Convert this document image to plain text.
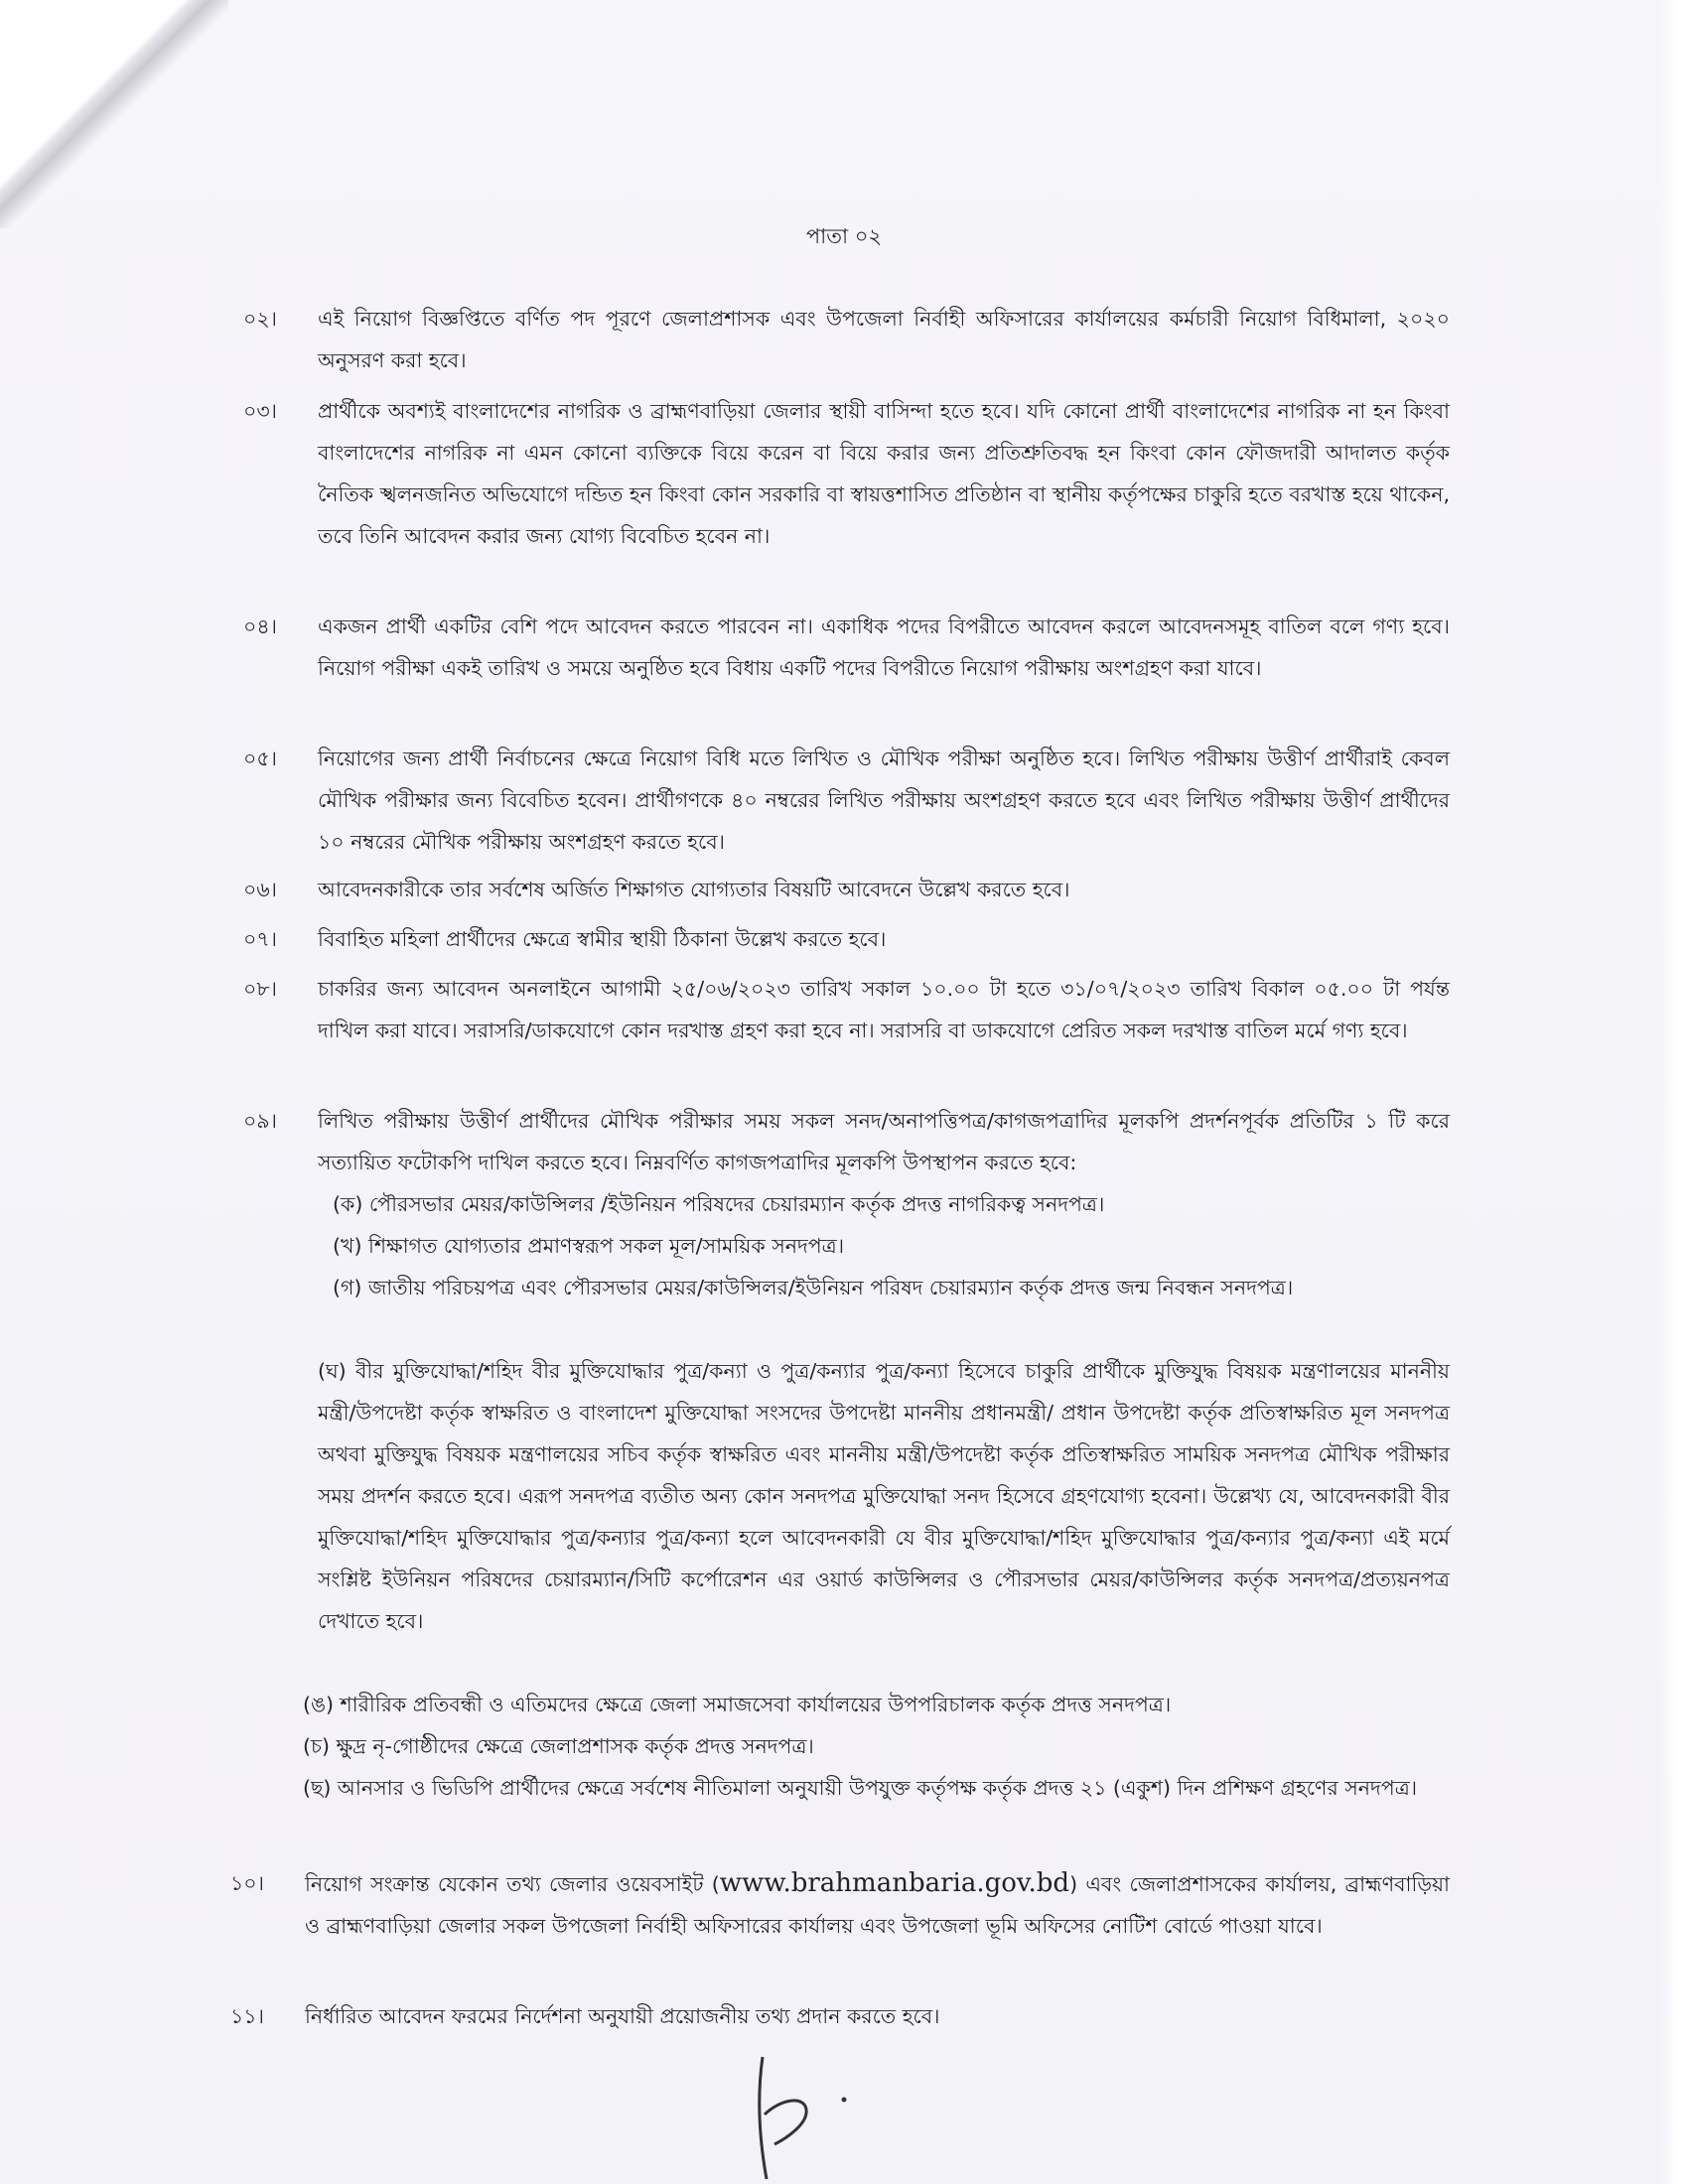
পাতা ০২
০২।	এই নিয়োগ বিজ্ঞপ্তিতে বর্ণিত পদ পূরণে জেলাপ্রশাসক এবং উপজেলা নির্বাহী অফিসারের কার্যালয়ের কর্মচারী নিয়োগ বিধিমালা, ২০২০ অনুসরণ করা হবে।
০৩।	প্রার্থীকে অবশ্যই বাংলাদেশের নাগরিক ও ব্রাহ্মণবাড়িয়া জেলার স্থায়ী বাসিন্দা হতে হবে। যদি কোনো প্রার্থী বাংলাদেশের নাগরিক না হন কিংবা বাংলাদেশের নাগরিক না এমন কোনো ব্যক্তিকে বিয়ে করেন বা বিয়ে করার জন্য প্রতিশ্রুতিবদ্ধ হন কিংবা কোন ফৌজদারী আদালত কর্তৃক নৈতিক স্খলনজনিত অভিযোগে দন্ডিত হন কিংবা কোন সরকারি বা স্বায়ত্তশাসিত প্রতিষ্ঠান বা স্থানীয় কর্তৃপক্ষের চাকুরি হতে বরখাস্ত হয়ে থাকেন, তবে তিনি আবেদন করার জন্য যোগ্য বিবেচিত হবেন না।
০৪।	একজন প্রার্থী একটির বেশি পদে আবেদন করতে পারবেন না। একাধিক পদের বিপরীতে আবেদন করলে আবেদনসমূহ বাতিল বলে গণ্য হবে। নিয়োগ পরীক্ষা একই তারিখ ও সময়ে অনুষ্ঠিত হবে বিধায় একটি পদের বিপরীতে নিয়োগ পরীক্ষায় অংশগ্রহণ করা যাবে।
০৫।	নিয়োগের জন্য প্রার্থী নির্বাচনের ক্ষেত্রে নিয়োগ বিধি মতে লিখিত ও মৌখিক পরীক্ষা অনুষ্ঠিত হবে। লিখিত পরীক্ষায় উত্তীর্ণ প্রার্থীরাই কেবল মৌখিক পরীক্ষার জন্য বিবেচিত হবেন। প্রার্থীগণকে ৪০ নম্বরের লিখিত পরীক্ষায় অংশগ্রহণ করতে হবে এবং লিখিত পরীক্ষায় উত্তীর্ণ প্রার্থীদের ১০ নম্বরের মৌখিক পরীক্ষায় অংশগ্রহণ করতে হবে।
০৬।	আবেদনকারীকে তার সর্বশেষ অর্জিত শিক্ষাগত যোগ্যতার বিষয়টি আবেদনে উল্লেখ করতে হবে।
০৭।	বিবাহিত মহিলা প্রার্থীদের ক্ষেত্রে স্বামীর স্থায়ী ঠিকানা উল্লেখ করতে হবে।
০৮।	চাকরির জন্য আবেদন অনলাইনে আগামী ২৫/০৬/২০২৩ তারিখ সকাল ১০.০০ টা হতে ৩১/০৭/২০২৩ তারিখ বিকাল ০৫.০০ টা পর্যন্ত দাখিল করা যাবে। সরাসরি/ডাকযোগে কোন দরখাস্ত গ্রহণ করা হবে না। সরাসরি বা ডাকযোগে প্রেরিত সকল দরখাস্ত বাতিল মর্মে গণ্য হবে।
০৯।	লিখিত পরীক্ষায় উত্তীর্ণ প্রার্থীদের মৌখিক পরীক্ষার সময় সকল সনদ/অনাপত্তিপত্র/কাগজপত্রাদির মূলকপি প্রদর্শনপূর্বক প্রতিটির ১ টি করে সত্যায়িত ফটোকপি দাখিল করতে হবে। নিম্নবর্ণিত কাগজপত্রাদির মূলকপি উপস্থাপন করতে হবে:
(ক) পৌরসভার মেয়র/কাউন্সিলর /ইউনিয়ন পরিষদের চেয়ারম্যান কর্তৃক প্রদত্ত নাগরিকত্ব সনদপত্র।
(খ) শিক্ষাগত যোগ্যতার প্রমাণস্বরূপ সকল মূল/সাময়িক সনদপত্র।
(গ) জাতীয় পরিচয়পত্র এবং পৌরসভার মেয়র/কাউন্সিলর/ইউনিয়ন পরিষদ চেয়ারম্যান কর্তৃক প্রদত্ত জন্ম নিবন্ধন সনদপত্র।
(ঘ) বীর মুক্তিযোদ্ধা/শহিদ বীর মুক্তিযোদ্ধার পুত্র/কন্যা ও পুত্র/কন্যার পুত্র/কন্যা হিসেবে চাকুরি প্রার্থীকে মুক্তিযুদ্ধ বিষয়ক মন্ত্রণালয়ের মাননীয় মন্ত্রী/উপদেষ্টা কর্তৃক স্বাক্ষরিত ও বাংলাদেশ মুক্তিযোদ্ধা সংসদের উপদেষ্টা মাননীয় প্রধানমন্ত্রী/ প্রধান উপদেষ্টা কর্তৃক প্রতিস্বাক্ষরিত মূল সনদপত্র অথবা মুক্তিযুদ্ধ বিষয়ক মন্ত্রণালয়ের সচিব কর্তৃক স্বাক্ষরিত এবং মাননীয় মন্ত্রী/উপদেষ্টা কর্তৃক প্রতিস্বাক্ষরিত সাময়িক সনদপত্র মৌখিক পরীক্ষার সময় প্রদর্শন করতে হবে। এরূপ সনদপত্র ব্যতীত অন্য কোন সনদপত্র মুক্তিযোদ্ধা সনদ হিসেবে গ্রহণযোগ্য হবেনা। উল্লেখ্য যে, আবেদনকারী বীর মুক্তিযোদ্ধা/শহিদ মুক্তিযোদ্ধার পুত্র/কন্যার পুত্র/কন্যা হলে আবেদনকারী যে বীর মুক্তিযোদ্ধা/শহিদ মুক্তিযোদ্ধার পুত্র/কন্যার পুত্র/কন্যা এই মর্মে সংশ্লিষ্ট ইউনিয়ন পরিষদের চেয়ারম্যান/সিটি কর্পোরেশন এর ওয়ার্ড কাউন্সিলর ও পৌরসভার মেয়র/কাউন্সিলর কর্তৃক সনদপত্র/প্রত্যয়নপত্র দেখাতে হবে।
(ঙ) শারীরিক প্রতিবন্ধী ও এতিমদের ক্ষেত্রে জেলা সমাজসেবা কার্যালয়ের উপপরিচালক কর্তৃক প্রদত্ত সনদপত্র।
(চ) ক্ষুদ্র নৃ-গোষ্ঠীদের ক্ষেত্রে জেলাপ্রশাসক কর্তৃক প্রদত্ত সনদপত্র।
(ছ) আনসার ও ভিডিপি প্রার্থীদের ক্ষেত্রে সর্বশেষ নীতিমালা অনুযায়ী উপযুক্ত কর্তৃপক্ষ কর্তৃক প্রদত্ত ২১ (একুশ) দিন প্রশিক্ষণ গ্রহণের সনদপত্র।
১০।	নিয়োগ সংক্রান্ত যেকোন তথ্য জেলার ওয়েবসাইট (www.brahmanbaria.gov.bd) এবং জেলাপ্রশাসকের কার্যালয়, ব্রাহ্মণবাড়িয়া ও ব্রাহ্মণবাড়িয়া জেলার সকল উপজেলা নির্বাহী অফিসারের কার্যালয় এবং উপজেলা ভূমি অফিসের নোটিশ বোর্ডে পাওয়া যাবে।
১১।	নির্ধারিত আবেদন ফরমের নির্দেশনা অনুযায়ী প্রয়োজনীয় তথ্য প্রদান করতে হবে।
